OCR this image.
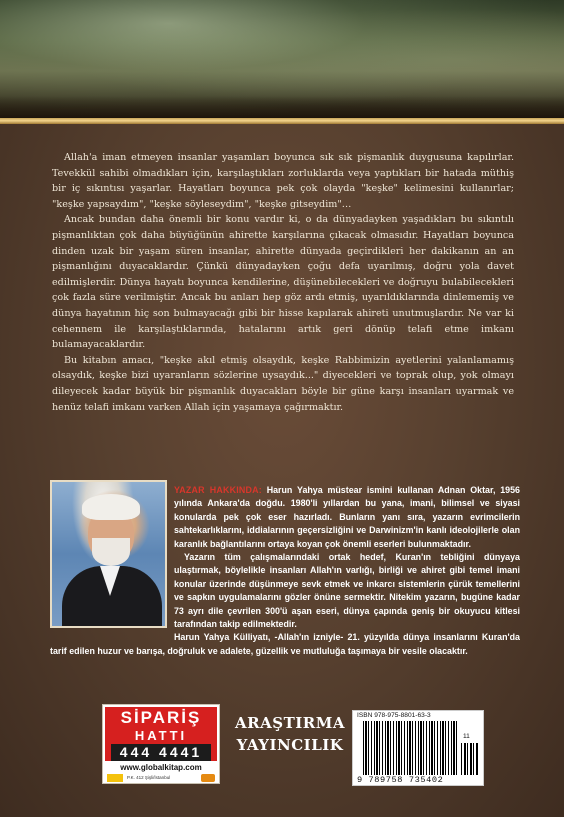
Allah'a iman etmeyen insanlar yaşamları boyunca sık sık pişmanlık duygusuna kapılırlar. Tevekkül sahibi olmadıkları için, karşılaştıkları zorluklarda veya yaptıkları bir hatada müthiş bir iç sıkıntısı yaşarlar. Hayatları boyunca pek çok olayda "keşke" kelimesini kullanırlar; "keşke yapsaydım", "keşke söyleseydim", "keşke gitseydim"…

Ancak bundan daha önemli bir konu vardır ki, o da dünyadayken yaşadıkları bu sıkıntılı pişmanlıktan çok daha büyüğünün ahirette karşılarına çıkacak olmasıdır. Hayatları boyunca dinden uzak bir yaşam süren insanlar, ahirette dünyada geçirdikleri her dakikanın an an pişmanlığını duyacaklardır. Çünkü dünyadayken çoğu defa uyarılmış, doğru yola davet edilmişlerdir. Dünya hayatı boyunca kendilerine, düşünebilecekleri ve doğruyu bulabilecekleri çok fazla süre verilmiştir. Ancak bu anları hep göz ardı etmiş, uyarıldıklarında dinlememiş ve dünya hayatının hiç son bulmayacağı gibi bir hisse kapılarak ahireti unutmuşlardır. Ne var ki cehennem ile karşılaştıklarında, hatalarını artık geri dönüp telafi etme imkanı bulamayacaklardır.

Bu kitabın amacı, "keşke akıl etmiş olsaydık, keşke Rabbimizin ayetlerini yalanlamamış olsaydık, keşke bizi uyaranların sözlerine uysaydık..." diyecekleri ve toprak olup, yok olmayı dileyecek kadar büyük bir pişmanlık duyacakları böyle bir güne karşı insanları uyarmak ve henüz telafi imkanı varken Allah için yaşamaya çağırmaktır.

YAZAR HAKKINDA: Harun Yahya müstear ismini kullanan Adnan Oktar, 1956 yılında Ankara'da doğdu. 1980'li yıllardan bu yana, imani, bilimsel ve siyasi konularda pek çok eser hazırladı. Bunların yanı sıra, yazarın evrimcilerin sahtekarlıklarını, iddialarının geçersizliğini ve Darwinizm'in kanlı ideolojilerle olan karanlık bağlantılarını ortaya koyan çok önemli eserleri bulunmaktadır.

Yazarın tüm çalışmalarındaki ortak hedef, Kuran'ın tebliğini dünyaya ulaştırmak, böylelikle insanları Allah'ın varlığı, birliği ve ahiret gibi temel imani konular üzerinde düşünmeye sevk etmek ve inkarcı sistemlerin çürük temellerini ve sapkın uygulamalarını gözler önüne sermektir. Nitekim yazarın, bugüne kadar 73 ayrı dile çevrilen 300'ü aşan eseri, dünya çapında geniş bir okuyucu kitlesi tarafından takip edilmektedir.

Harun Yahya Külliyatı, -Allah'ın izniyle- 21. yüzyılda dünya insanlarını Kuran'da tarif edilen huzur ve barışa, doğruluk ve adalete, güzellik ve mutluluğa taşımaya bir vesile olacaktır.

SİPARİŞ
HATTI
444 4441
www.globalkitap.com
P.K. 412 Şişli/İstanbul
ARAŞTIRMA
YAYINCILIK
ISBN 978-975-8801-63-3
11
9 789758 735402
